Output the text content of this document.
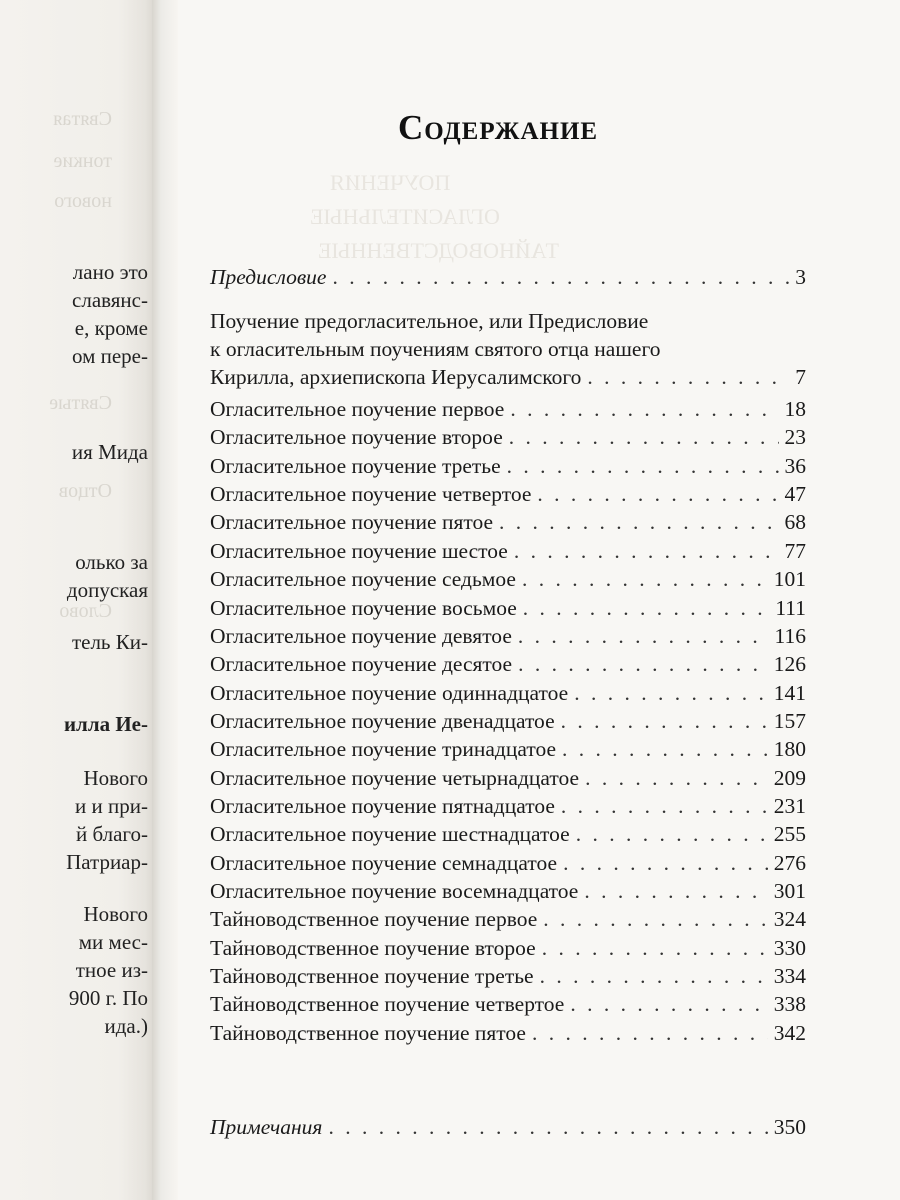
Святая
тонкие
нового
Святые
Отцов
Слово

лано это

славянс-

е, кроме

ом пере-

ия Мида

олько за

допуская

тель Ки-

илла Ие-

Нового

и и при-

й благо-

Патриар-

Нового

ми мес-

тное из-

900 г. По

ида.)

ПОУЧЕНИЯ
ОГЛАСИТЕЛЬНЫЕ
ТАЙНОВОДСТВЕННЫЕ
Содержание
Предисловие . . .	3
Поучение предогласительное, или Предисловие
к огласительным поучениям святого отца нашего
Кирилла, архиепископа Иерусалимского . . .	7
Огласительное поучение первое . . .	18
Огласительное поучение второе . . .	23
Огласительное поучение третье . . .	36
Огласительное поучение четвертое . . .	47
Огласительное поучение пятое . . .	68
Огласительное поучение шестое . . .	77
Огласительное поучение седьмое . . .	101
Огласительное поучение восьмое . . .	111
Огласительное поучение девятое . . .	116
Огласительное поучение десятое . . .	126
Огласительное поучение одиннадцатое . . .	141
Огласительное поучение двенадцатое . . .	157
Огласительное поучение тринадцатое . . .	180
Огласительное поучение четырнадцатое . . .	209
Огласительное поучение пятнадцатое . . .	231
Огласительное поучение шестнадцатое . . .	255
Огласительное поучение семнадцатое . . .	276
Огласительное поучение восемнадцатое . . .	301
Тайноводственное поучение первое . . .	324
Тайноводственное поучение второе . . .	330
Тайноводственное поучение третье . . .	334
Тайноводственное поучение четвертое . . .	338
Тайноводственное поучение пятое . . .	342
Примечания . . .	350
